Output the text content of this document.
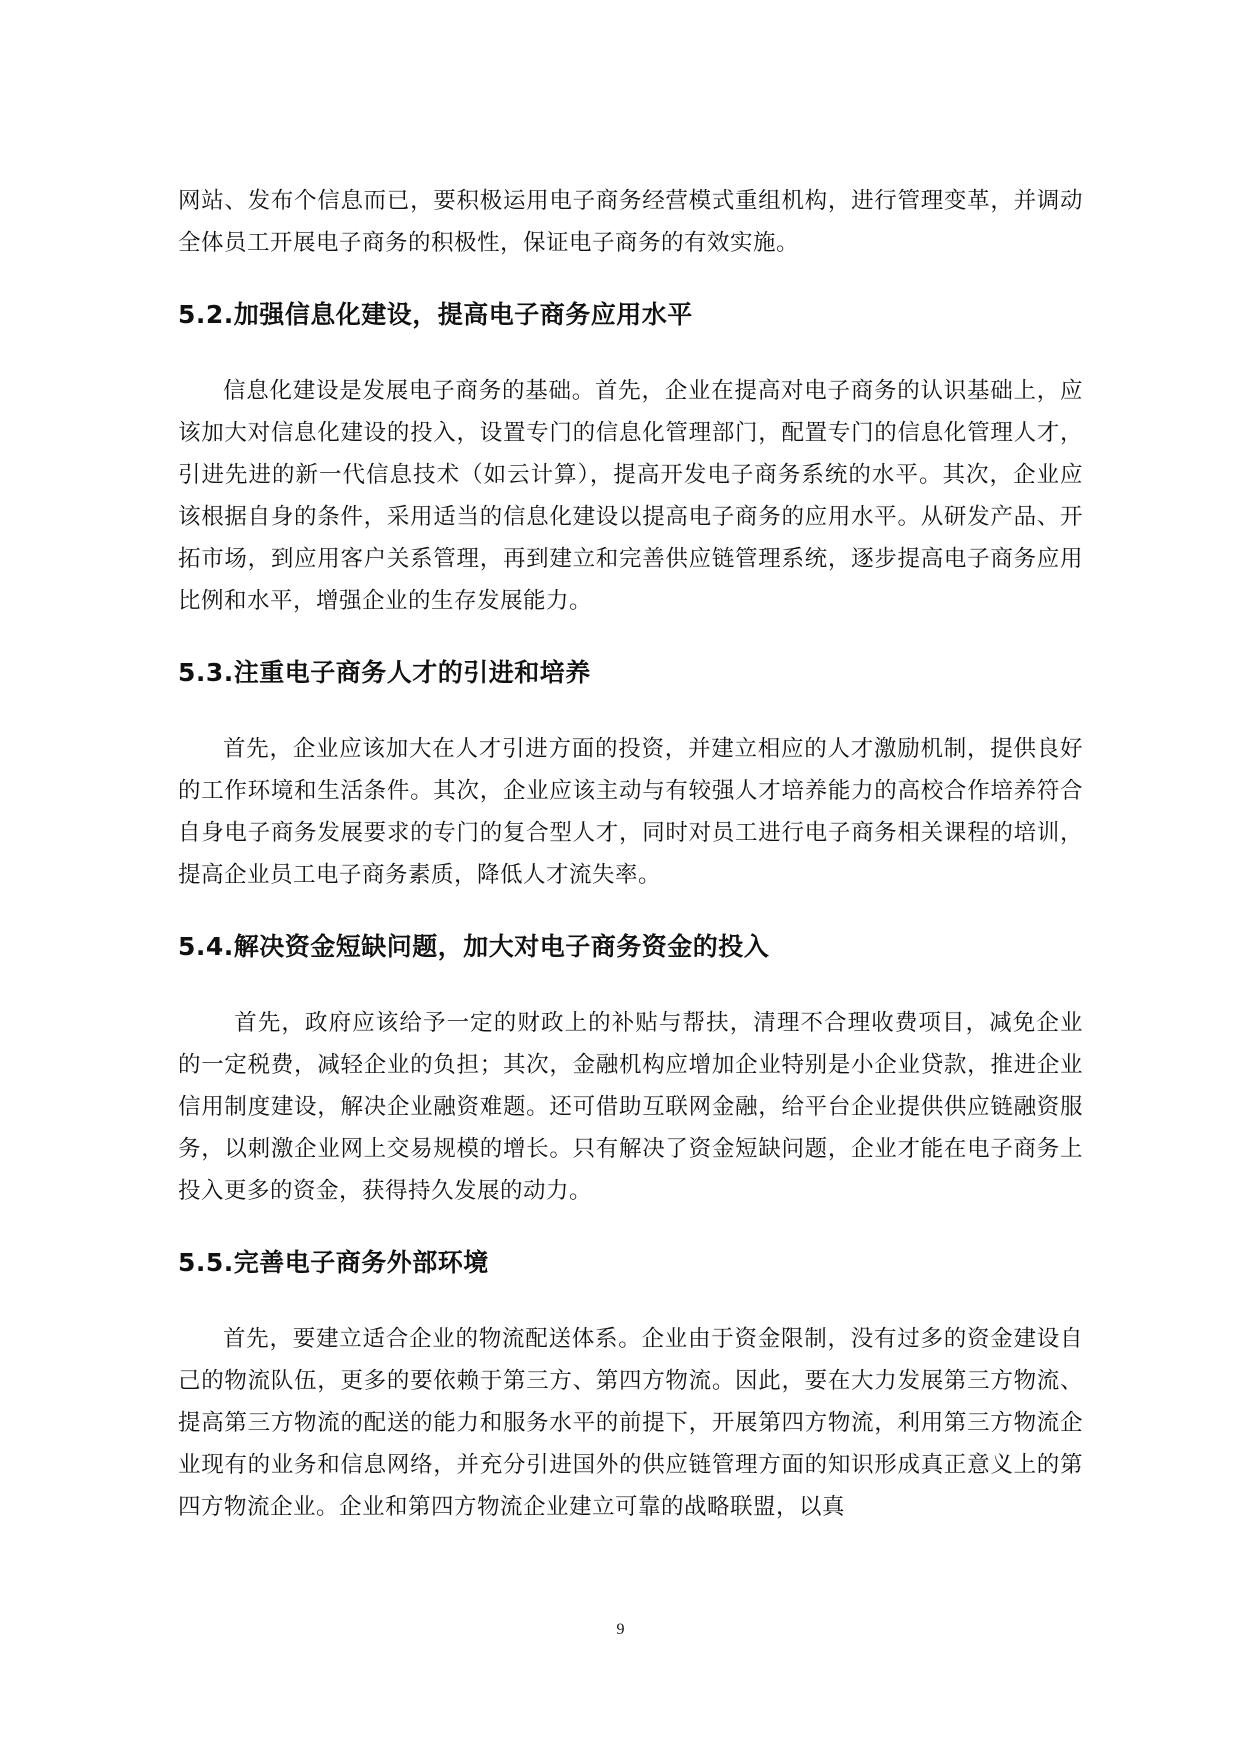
网站、发布个信息而已，要积极运用电子商务经营模式重组机构，进行管理变革，并调动全体员工开展电子商务的积极性，保证电子商务的有效实施。

5.2.加强信息化建设，提高电子商务应用水平

信息化建设是发展电子商务的基础。首先，企业在提高对电子商务的认识基础上，应该加大对信息化建设的投入，设置专门的信息化管理部门，配置专门的信息化管理人才，引进先进的新一代信息技术（如云计算），提高开发电子商务系统的水平。其次，企业应该根据自身的条件，采用适当的信息化建设以提高电子商务的应用水平。从研发产品、开拓市场，到应用客户关系管理，再到建立和完善供应链管理系统，逐步提高电子商务应用比例和水平，增强企业的生存发展能力。

5.3.注重电子商务人才的引进和培养

首先，企业应该加大在人才引进方面的投资，并建立相应的人才激励机制，提供良好的工作环境和生活条件。其次，企业应该主动与有较强人才培养能力的高校合作培养符合自身电子商务发展要求的专门的复合型人才，同时对员工进行电子商务相关课程的培训，提高企业员工电子商务素质，降低人才流失率。

5.4.解决资金短缺问题，加大对电子商务资金的投入

首先，政府应该给予一定的财政上的补贴与帮扶，清理不合理收费项目，减免企业的一定税费，减轻企业的负担；其次，金融机构应增加企业特别是小企业贷款，推进企业信用制度建设，解决企业融资难题。还可借助互联网金融，给平台企业提供供应链融资服务，以刺激企业网上交易规模的增长。只有解决了资金短缺问题，企业才能在电子商务上投入更多的资金，获得持久发展的动力。

5.5.完善电子商务外部环境

首先，要建立适合企业的物流配送体系。企业由于资金限制，没有过多的资金建设自己的物流队伍，更多的要依赖于第三方、第四方物流。因此，要在大力发展第三方物流、提高第三方物流的配送的能力和服务水平的前提下，开展第四方物流，利用第三方物流企业现有的业务和信息网络，并充分引进国外的供应链管理方面的知识形成真正意义上的第四方物流企业。企业和第四方物流企业建立可靠的战略联盟，以真

9
